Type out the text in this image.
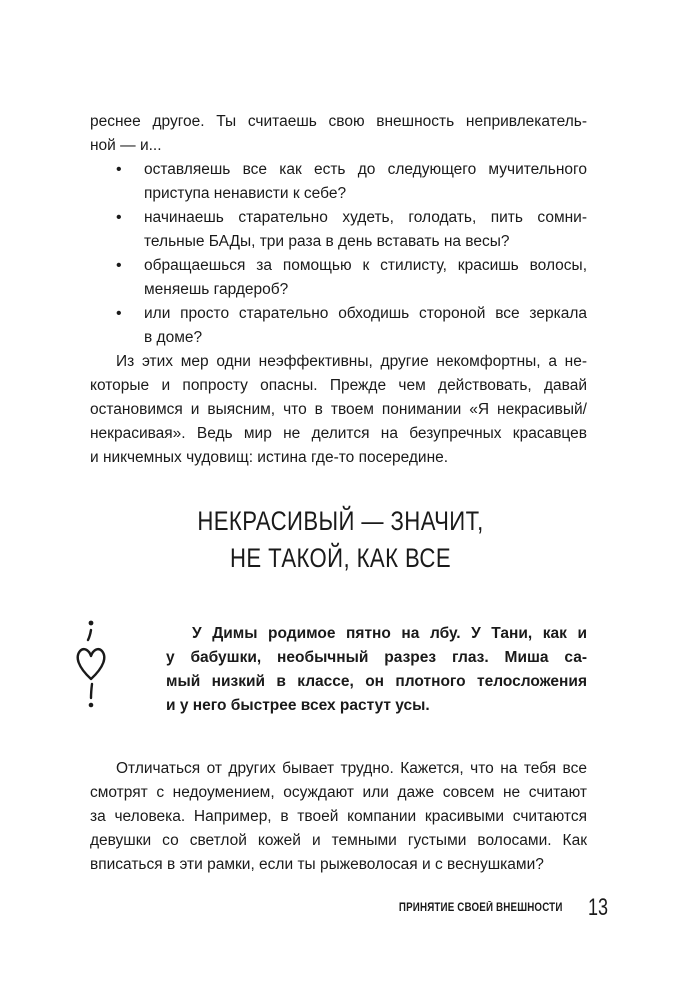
реснее другое. Ты считаешь свою внешность непривлекатель-
ной — и...
• оставляешь все как есть до следующего мучительного
приступа ненависти к себе?
• начинаешь старательно худеть, голодать, пить сомни-
тельные БАДы, три раза в день вставать на весы?
• обращаешься за помощью к стилисту, красишь волосы,
меняешь гардероб?
• или просто старательно обходишь стороной все зеркала
в доме?
Из этих мер одни неэффективны, другие некомфортны, а не-
которые и попросту опасны. Прежде чем действовать, давай
остановимся и выясним, что в твоем понимании «Я некрасивый/
некрасивая». Ведь мир не делится на безупречных красавцев
и никчемных чудовищ: истина где-то посередине.
НЕКРАСИВЫЙ — ЗНАЧИТ,
НЕ ТАКОЙ, КАК ВСЕ
У Димы родимое пятно на лбу. У Тани, как и
у бабушки, необычный разрез глаз. Миша са-
мый низкий в классе, он плотного телосложения
и у него быстрее всех растут усы.
Отличаться от других бывает трудно. Кажется, что на тебя все
смотрят с недоумением, осуждают или даже совсем не считают
за человека. Например, в твоей компании красивыми считаются
девушки со светлой кожей и темными густыми волосами. Как
вписаться в эти рамки, если ты рыжеволосая и с веснушками?
ПРИНЯТИЕ СВОЕЙ ВНЕШНОСТИ 13
